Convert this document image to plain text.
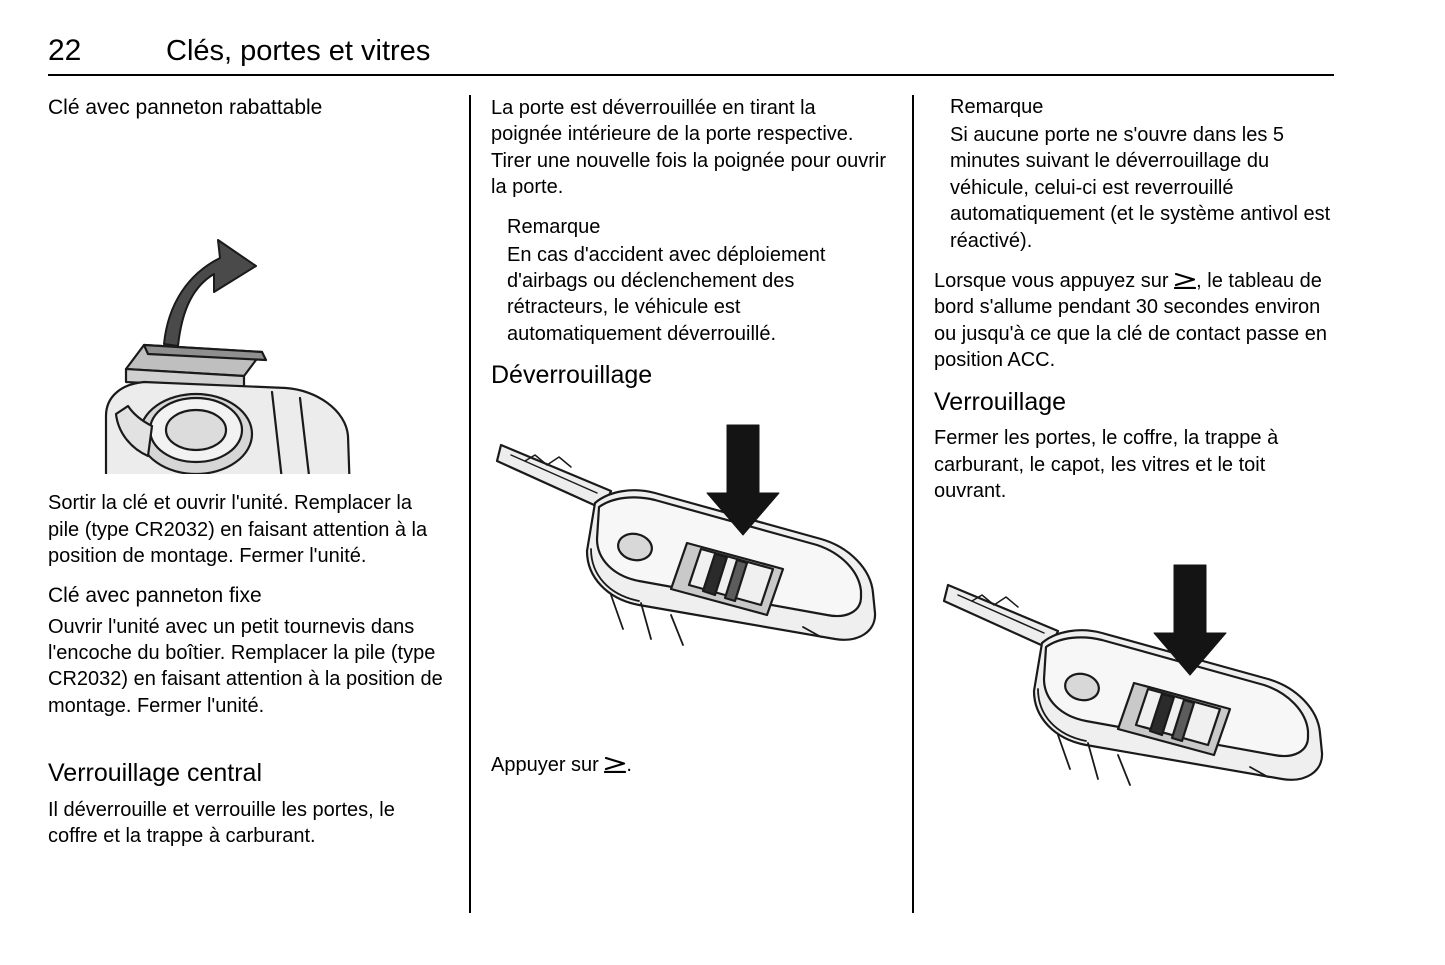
22	Clés, portes et vitres
Clé avec panneton rabattable

Sortir la clé et ouvrir l'unité. Remplacer la pile (type CR2032) en faisant attention à la position de montage. Fermer l'unité.

Clé avec panneton fixe

Ouvrir l'unité avec un petit tournevis dans l'encoche du boîtier. Remplacer la pile (type CR2032) en faisant attention à la position de montage. Fermer l'unité.

Verrouillage central

Il déverrouille et verrouille les portes, le coffre et la trappe à carburant.

La porte est déverrouillée en tirant la poignée intérieure de la porte respective. Tirer une nouvelle fois la poignée pour ouvrir la porte.

Remarque

En cas d'accident avec déploiement d'airbags ou déclenchement des rétracteurs, le véhicule est automatiquement déverrouillé.

Déverrouillage

Appuyer sur
.

Remarque

Si aucune porte ne s'ouvre dans les 5 minutes suivant le déverrouillage du véhicule, celui-ci est reverrouillé automatiquement (et le système antivol est réactivé).

Lorsque vous appuyez sur
, le tableau de bord s'allume pendant 30 secondes environ ou jusqu'à ce que la clé de contact passe en position ACC.

Verrouillage

Fermer les portes, le coffre, la trappe à carburant, le capot, les vitres et le toit ouvrant.
